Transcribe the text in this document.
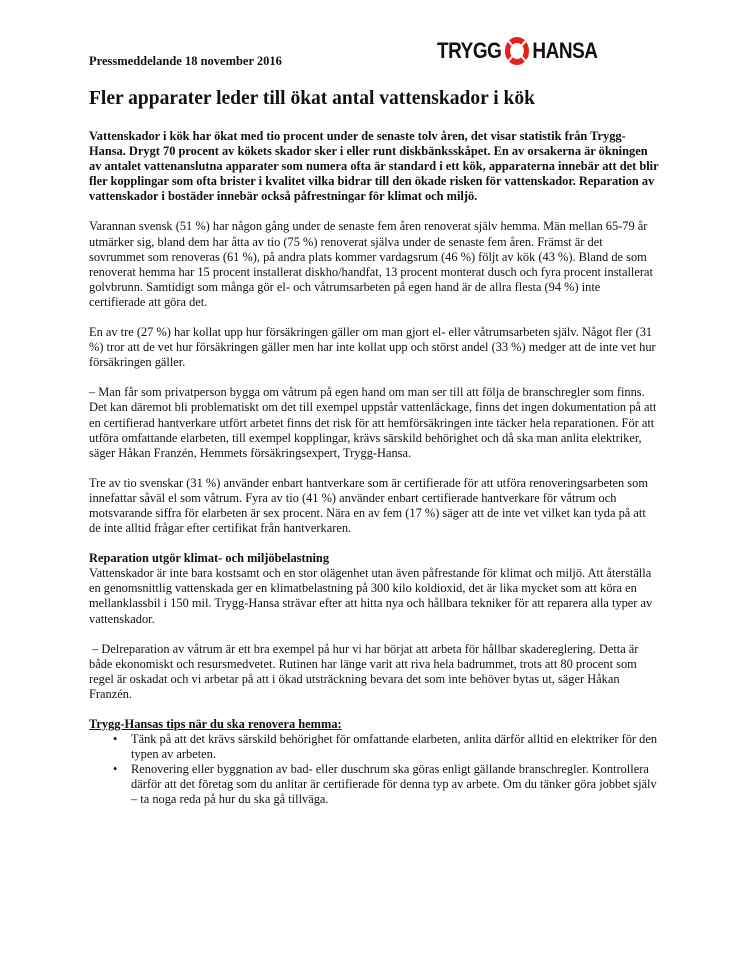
Pressmeddelande 18 november 2016	TRYGG HANSA
Fler apparater leder till ökat antal vattenskador i kök

Vattenskador i kök har ökat med tio procent under de senaste tolv åren, det visar statistik från Trygg-Hansa. Drygt 70 procent av kökets skador sker i eller runt diskbänksskåpet. En av orsakerna är ökningen av antalet vattenanslutna apparater som numera ofta är standard i ett kök, apparaterna innebär att det blir fler kopplingar som ofta brister i kvalitet vilka bidrar till den ökade risken för vattenskador. Reparation av vattenskador i bostäder innebär också påfrestningar för klimat och miljö.

Varannan svensk (51 %) har någon gång under de senaste fem åren renoverat själv hemma. Män mellan 65-79 år utmärker sig, bland dem har åtta av tio (75 %) renoverat själva under de senaste fem åren. Främst är det sovrummet som renoveras (61 %), på andra plats kommer vardagsrum (46 %) följt av kök (43 %). Bland de som renoverat hemma har 15 procent installerat diskho/handfat, 13 procent monterat dusch och fyra procent installerat golvbrunn. Samtidigt som många gör el- och våtrumsarbeten på egen hand är de allra flesta (94 %) inte certifierade att göra det.

En av tre (27 %) har kollat upp hur försäkringen gäller om man gjort el- eller våtrumsarbeten själv. Något fler (31 %) tror att de vet hur försäkringen gäller men har inte kollat upp och störst andel (33 %) medger att de inte vet hur försäkringen gäller.

– Man får som privatperson bygga om våtrum på egen hand om man ser till att följa de branschregler som finns. Det kan däremot bli problematiskt om det till exempel uppstår vattenläckage, finns det ingen dokumentation på att en certifierad hantverkare utfört arbetet finns det risk för att hemförsäkringen inte täcker hela reparationen. För att utföra omfattande elarbeten, till exempel kopplingar, krävs särskild behörighet och då ska man anlita elektriker, säger Håkan Franzén, Hemmets försäkringsexpert, Trygg-Hansa.

Tre av tio svenskar (31 %) använder enbart hantverkare som är certifierade för att utföra renoveringsarbeten som innefattar såväl el som våtrum. Fyra av tio (41 %) använder enbart certifierade hantverkare för våtrum och motsvarande siffra för elarbeten är sex procent. Nära en av fem (17 %) säger att de inte vet vilket kan tyda på att de inte alltid frågar efter certifikat från hantverkaren.

Reparation utgör klimat- och miljöbelastning
Vattenskador är inte bara kostsamt och en stor olägenhet utan även påfrestande för klimat och miljö. Att återställa en genomsnittlig vattenskada ger en klimatbelastning på 300 kilo koldioxid, det är lika mycket som att köra en mellanklassbil i 150 mil. Trygg-Hansa strävar efter att hitta nya och hållbara tekniker för att reparera alla typer av vattenskador.

– Delreparation av våtrum är ett bra exempel på hur vi har börjat att arbeta för hållbar skadereglering. Detta är både ekonomiskt och resursmedvetet. Rutinen har länge varit att riva hela badrummet, trots att 80 procent som regel är oskadat och vi arbetar på att i ökad utsträckning bevara det som inte behöver bytas ut, säger Håkan Franzén.

Trygg-Hansas tips när du ska renovera hemma:
• Tänk på att det krävs särskild behörighet för omfattande elarbeten, anlita därför alltid en elektriker för den typen av arbeten.
• Renovering eller byggnation av bad- eller duschrum ska göras enligt gällande branschregler. Kontrollera därför att det företag som du anlitar är certifierade för denna typ av arbete. Om du tänker göra jobbet själv – ta noga reda på hur du ska gå tillväga.
